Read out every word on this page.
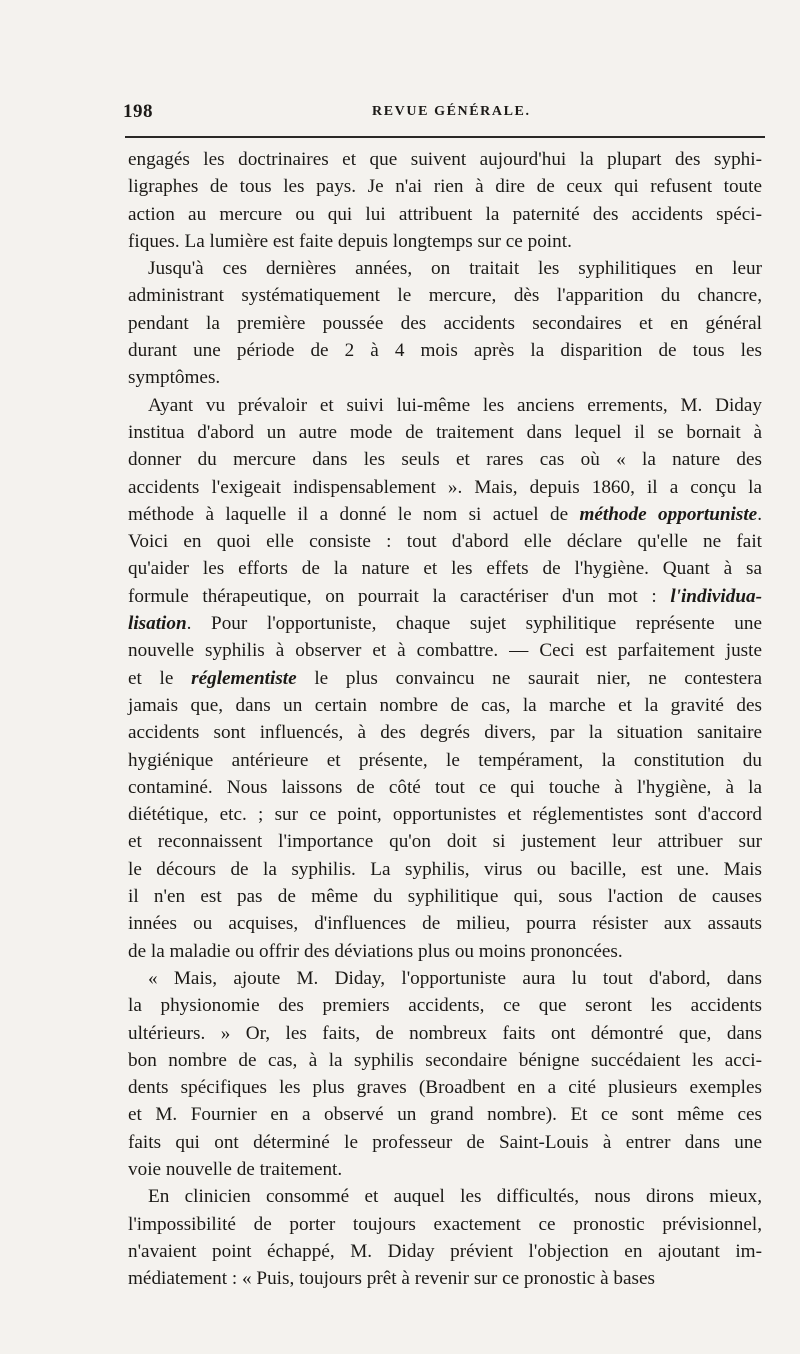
198	REVUE GÉNÉRALE.
engagés les doctrinaires et que suivent aujourd'hui la plupart des syphi-
ligraphes de tous les pays. Je n'ai rien à dire de ceux qui refusent toute
action au mercure ou qui lui attribuent la paternité des accidents spéci-
fiques. La lumière est faite depuis longtemps sur ce point.
Jusqu'à ces dernières années, on traitait les syphilitiques en leur
administrant systématiquement le mercure, dès l'apparition du chancre,
pendant la première poussée des accidents secondaires et en général
durant une période de 2 à 4 mois après la disparition de tous les
symptômes.
Ayant vu prévaloir et suivi lui-même les anciens errements, M. Diday
institua d'abord un autre mode de traitement dans lequel il se bornait à
donner du mercure dans les seuls et rares cas où « la nature des
accidents l'exigeait indispensablement ». Mais, depuis 1860, il a conçu la
méthode à laquelle il a donné le nom si actuel de méthode opportuniste.
Voici en quoi elle consiste : tout d'abord elle déclare qu'elle ne fait
qu'aider les efforts de la nature et les effets de l'hygiène. Quant à sa
formule thérapeutique, on pourrait la caractériser d'un mot : l'individua-
lisation. Pour l'opportuniste, chaque sujet syphilitique représente une
nouvelle syphilis à observer et à combattre. — Ceci est parfaitement juste
et le réglementiste le plus convaincu ne saurait nier, ne contestera
jamais que, dans un certain nombre de cas, la marche et la gravité des
accidents sont influencés, à des degrés divers, par la situation sanitaire
hygiénique antérieure et présente, le tempérament, la constitution du
contaminé. Nous laissons de côté tout ce qui touche à l'hygiène, à la
diététique, etc. ; sur ce point, opportunistes et réglementistes sont d'accord
et reconnaissent l'importance qu'on doit si justement leur attribuer sur
le décours de la syphilis. La syphilis, virus ou bacille, est une. Mais
il n'en est pas de même du syphilitique qui, sous l'action de causes
innées ou acquises, d'influences de milieu, pourra résister aux assauts
de la maladie ou offrir des déviations plus ou moins prononcées.
« Mais, ajoute M. Diday, l'opportuniste aura lu tout d'abord, dans
la physionomie des premiers accidents, ce que seront les accidents
ultérieurs. » Or, les faits, de nombreux faits ont démontré que, dans
bon nombre de cas, à la syphilis secondaire bénigne succédaient les acci-
dents spécifiques les plus graves (Broadbent en a cité plusieurs exemples
et M. Fournier en a observé un grand nombre). Et ce sont même ces
faits qui ont déterminé le professeur de Saint-Louis à entrer dans une
voie nouvelle de traitement.
En clinicien consommé et auquel les difficultés, nous dirons mieux,
l'impossibilité de porter toujours exactement ce pronostic prévisionnel,
n'avaient point échappé, M. Diday prévient l'objection en ajoutant im-
médiatement : « Puis, toujours prêt à revenir sur ce pronostic à bases
